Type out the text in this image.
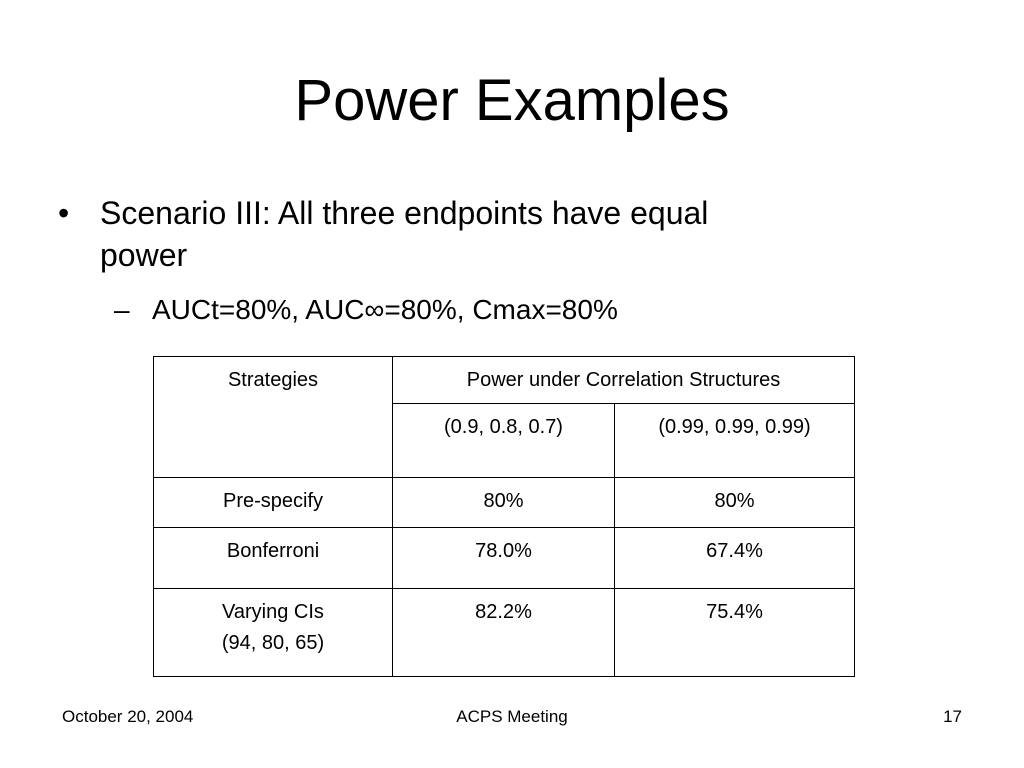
Power Examples
• Scenario III: All three endpoints have equal power
– AUCt=80%, AUC∞=80%, Cmax=80%
Strategies	Power under Correlation Structures	
	(0.9, 0.8, 0.7)	(0.99, 0.99, 0.99)
Pre-specify	80%	80%
Bonferroni	78.0%	67.4%

Varying CIs
(94, 80, 65)	82.2%	75.4%
October 20, 2004	ACPS Meeting	17
